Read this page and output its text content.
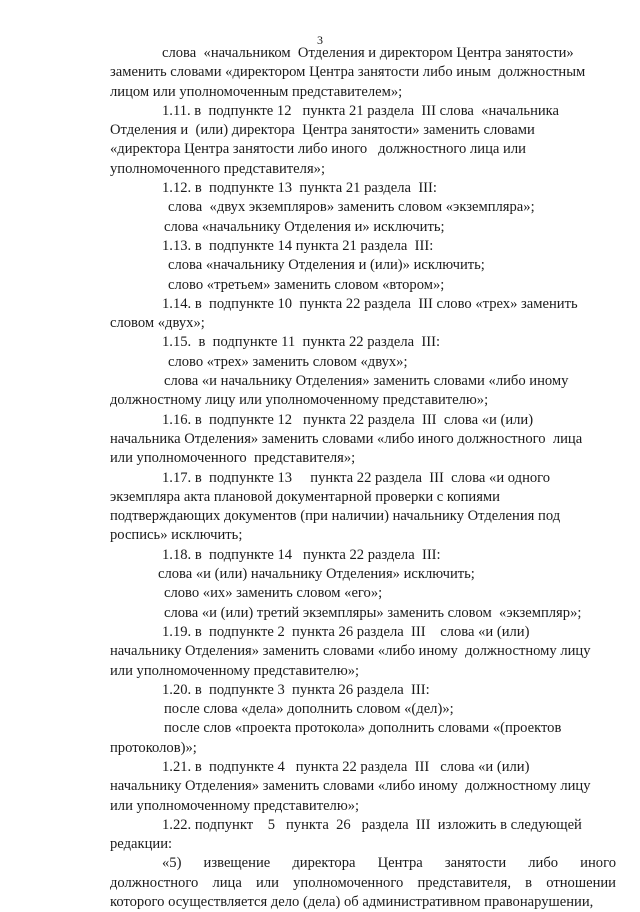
3
слова  «начальником  Отделения и директором Центра занятости»
заменить словами «директором Центра занятости либо иным  должностным
лицом или уполномоченным представителем»;
1.11. в  подпункте 12   пункта 21 раздела  III слова  «начальника
Отделения и  (или) директора  Центра занятости» заменить словами
«директора Центра занятости либо иного   должностного лица или
уполномоченного представителя»;
1.12. в  подпункте 13  пункта 21 раздела  III:
слова  «двух экземпляров» заменить словом «экземпляра»;
слова «начальнику Отделения и» исключить;
1.13. в  подпункте 14 пункта 21 раздела  III:
слова «начальнику Отделения и (или)» исключить;
слово «третьем» заменить словом «втором»;
1.14. в  подпункте 10  пункта 22 раздела  III слово «трех» заменить
словом «двух»;
1.15.  в  подпункте 11  пункта 22 раздела  III:
слово «трех» заменить словом «двух»;
слова «и начальнику Отделения» заменить словами «либо иному
должностному лицу или уполномоченному представителю»;
1.16. в  подпункте 12   пункта 22 раздела  III  слова «и (или)
начальника Отделения» заменить словами «либо иного должностного  лица
или уполномоченного  представителя»;
1.17. в  подпункте 13     пункта 22 раздела  III  слова «и одного
экземпляра акта плановой документарной проверки с копиями
подтверждающих документов (при наличии) начальнику Отделения под
роспись» исключить;
1.18. в  подпункте 14   пункта 22 раздела  III:
слова «и (или) начальнику Отделения» исключить;
слово «их» заменить словом «его»;
слова «и (или) третий экземпляры» заменить словом  «экземпляр»;
1.19. в  подпункте 2  пункта 26 раздела  III    слова «и (или)
начальнику Отделения» заменить словами «либо иному  должностному лицу
или уполномоченному представителю»;
1.20. в  подпункте 3  пункта 26 раздела  III:
после слова «дела» дополнить словом «(дел)»;
после слов «проекта протокола» дополнить словами «(проектов
протоколов)»;
1.21. в  подпункте 4   пункта 22 раздела  III   слова «и (или)
начальнику Отделения» заменить словами «либо иному  должностному лицу
или уполномоченному представителю»;
1.22. подпункт    5   пункта  26   раздела  III  изложить в следующей
редакции:
«5) извещение директора Центра занятости либо иного
должностного лица или уполномоченного представителя, в отношении
которого осуществляется дело (дела) об административном правонарушении,
